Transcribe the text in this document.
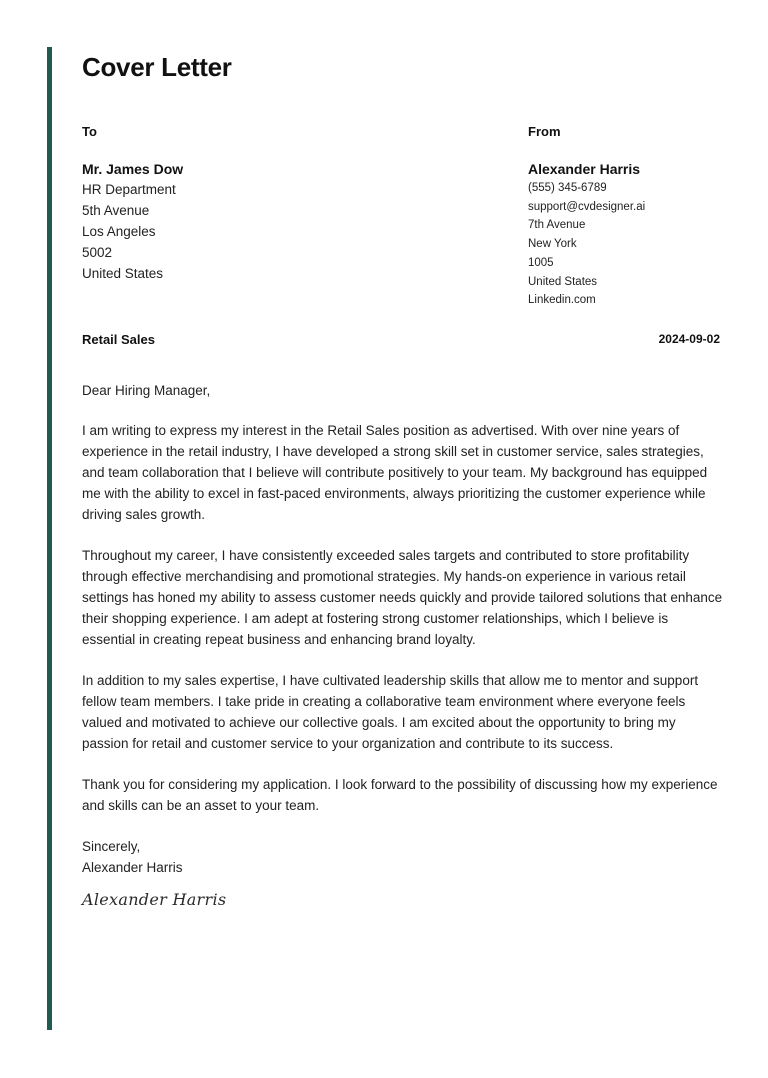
Cover Letter
To
Mr. James Dow
HR Department
5th Avenue
Los Angeles
5002
United States
From
Alexander Harris
(555) 345-6789
support@cvdesigner.ai
7th Avenue
New York
1005
United States
Linkedin.com
Retail Sales	2024-09-02

Dear Hiring Manager,

I am writing to express my interest in the Retail Sales position as advertised. With over nine years of experience in the retail industry, I have developed a strong skill set in customer service, sales strategies, and team collaboration that I believe will contribute positively to your team. My background has equipped me with the ability to excel in fast-paced environments, always prioritizing the customer experience while driving sales growth.

Throughout my career, I have consistently exceeded sales targets and contributed to store profitability through effective merchandising and promotional strategies. My hands-on experience in various retail settings has honed my ability to assess customer needs quickly and provide tailored solutions that enhance their shopping experience. I am adept at fostering strong customer relationships, which I believe is essential in creating repeat business and enhancing brand loyalty.

In addition to my sales expertise, I have cultivated leadership skills that allow me to mentor and support fellow team members. I take pride in creating a collaborative team environment where everyone feels valued and motivated to achieve our collective goals. I am excited about the opportunity to bring my passion for retail and customer service to your organization and contribute to its success.

Thank you for considering my application. I look forward to the possibility of discussing how my experience and skills can be an asset to your team.

Sincerely,
Alexander Harris

Alexander Harris
